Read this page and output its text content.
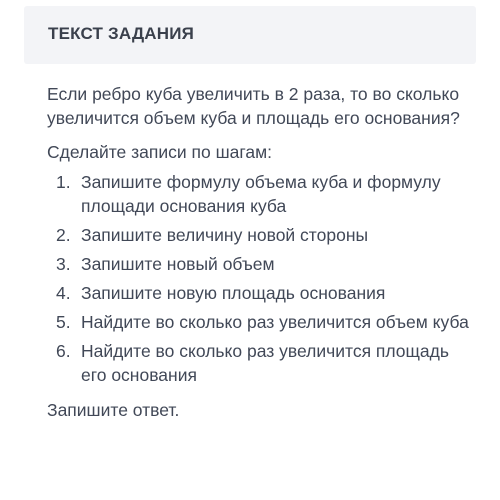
ТЕКСТ ЗАДАНИЯ

Если ребро куба увеличить в 2 раза, то во сколько увеличится объем куба и площадь его основания?

Сделайте записи по шагам:

1. Запишите формулу объема куба и формулу площади основания куба
2. Запишите величину новой стороны
3. Запишите новый объем
4. Запишите новую площадь основания
5. Найдите во сколько раз увеличится объем куба
6. Найдите во сколько раз увеличится площадь его основания

Запишите ответ.
